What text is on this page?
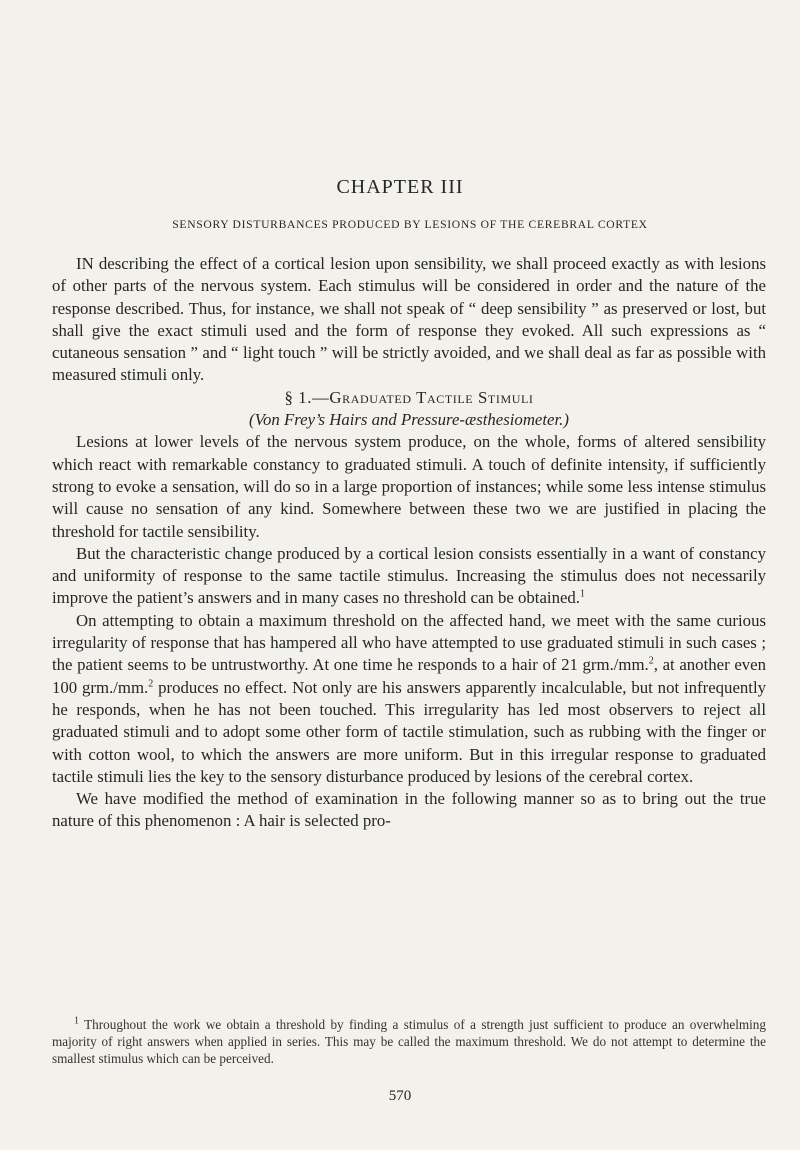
CHAPTER III
SENSORY DISTURBANCES PRODUCED BY LESIONS OF THE CEREBRAL CORTEX

IN describing the effect of a cortical lesion upon sensibility, we shall proceed exactly as with lesions of other parts of the nervous system. Each stimulus will be considered in order and the nature of the response described. Thus, for instance, we shall not speak of “ deep sensibility ” as preserved or lost, but shall give the exact stimuli used and the form of response they evoked. All such expressions as “ cutaneous sensation ” and “ light touch ” will be strictly avoided, and we shall deal as far as possible with measured stimuli only.

§ 1.—Graduated Tactile Stimuli

(Von Frey’s Hairs and Pressure-æsthesiometer.)

Lesions at lower levels of the nervous system produce, on the whole, forms of altered sensibility which react with remarkable constancy to graduated stimuli. A touch of definite intensity, if sufficiently strong to evoke a sensation, will do so in a large proportion of instances; while some less intense stimulus will cause no sensation of any kind. Somewhere between these two we are justified in placing the threshold for tactile sensibility.

But the characteristic change produced by a cortical lesion consists essentially in a want of constancy and uniformity of response to the same tactile stimulus. Increasing the stimulus does not necessarily improve the patient’s answers and in many cases no threshold can be obtained.$^1$

On attempting to obtain a maximum threshold on the affected hand, we meet with the same curious irregularity of response that has hampered all who have attempted to use graduated stimuli in such cases ; the patient seems to be untrustworthy. At one time he responds to a hair of 21 grm./mm.$^2$, at another even 100 grm./mm.$^2$ produces no effect. Not only are his answers apparently incalculable, but not infrequently he responds, when he has not been touched. This irregularity has led most observers to reject all graduated stimuli and to adopt some other form of tactile stimulation, such as rubbing with the finger or with cotton wool, to which the answers are more uniform. But in this irregular response to graduated tactile stimuli lies the key to the sensory disturbance produced by lesions of the cerebral cortex.

We have modified the method of examination in the following manner so as to bring out the true nature of this phenomenon : A hair is selected pro-

$^1$ Throughout the work we obtain a threshold by finding a stimulus of a strength just sufficient to produce an overwhelming majority of right answers when applied in series. This may be called the maximum threshold. We do not attempt to determine the smallest stimulus which can be perceived.

570
